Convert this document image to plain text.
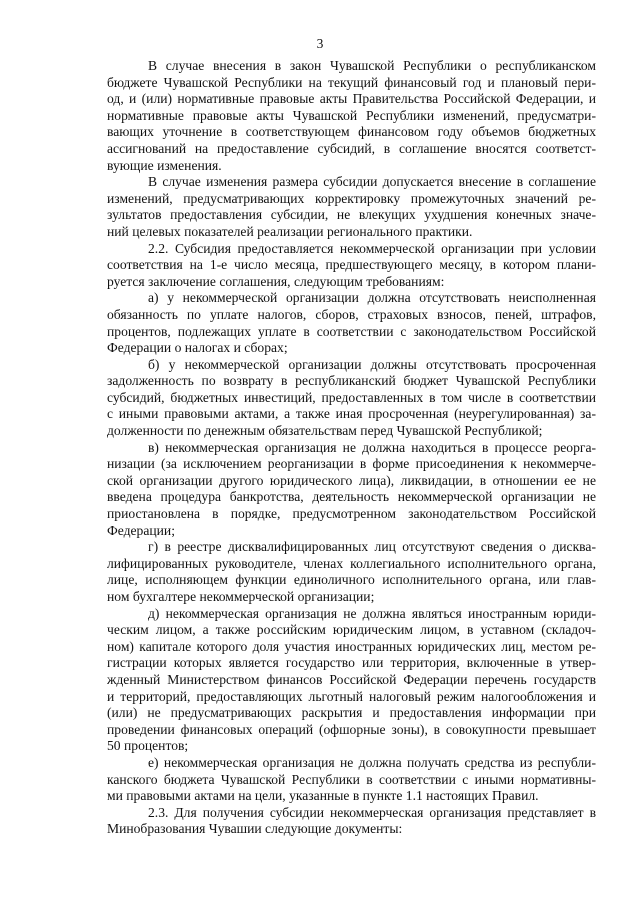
3
В случае внесения в закон Чувашской Республики о республиканском
бюджете Чувашской Республики на текущий финансовый год и плановый пери-
од, и (или) нормативные правовые акты Правительства Российской Федерации, и
нормативные правовые акты Чувашской Республики изменений, предусматри-
вающих уточнение в соответствующем финансовом году объемов бюджетных
ассигнований на предоставление субсидий, в соглашение вносятся соответст-
вующие изменения.
В случае изменения размера субсидии допускается внесение в соглашение
изменений, предусматривающих корректировку промежуточных значений ре-
зультатов предоставления субсидии, не влекущих ухудшения конечных значе-
ний целевых показателей реализации регионального практики.
2.2. Субсидия предоставляется некоммерческой организации при условии
соответствия на 1-е число месяца, предшествующего месяцу, в котором плани-
руется заключение соглашения, следующим требованиям:
а) у некоммерческой организации должна отсутствовать неисполненная
обязанность по уплате налогов, сборов, страховых взносов, пеней, штрафов,
процентов, подлежащих уплате в соответствии с законодательством Российской
Федерации о налогах и сборах;
б) у некоммерческой организации должны отсутствовать просроченная
задолженность по возврату в республиканский бюджет Чувашской Республики
субсидий, бюджетных инвестиций, предоставленных в том числе в соответствии
с иными правовыми актами, а также иная просроченная (неурегулированная) за-
долженности по денежным обязательствам перед Чувашской Республикой;
в) некоммерческая организация не должна находиться в процессе реорга-
низации (за исключением реорганизации в форме присоединения к некоммерче-
ской организации другого юридического лица), ликвидации, в отношении ее не
введена процедура банкротства, деятельность некоммерческой организации не
приостановлена в порядке, предусмотренном законодательством Российской
Федерации;
г) в реестре дисквалифицированных лиц отсутствуют сведения о дисква-
лифицированных руководителе, членах коллегиального исполнительного органа,
лице, исполняющем функции единоличного исполнительного органа, или глав-
ном бухгалтере некоммерческой организации;
д) некоммерческая организация не должна являться иностранным юриди-
ческим лицом, а также российским юридическим лицом, в уставном (складоч-
ном) капитале которого доля участия иностранных юридических лиц, местом ре-
гистрации которых является государство или территория, включенные в утвер-
жденный Министерством финансов Российской Федерации перечень государств
и территорий, предоставляющих льготный налоговый режим налогообложения и
(или) не предусматривающих раскрытия и предоставления информации при
проведении финансовых операций (офшорные зоны), в совокупности превышает
50 процентов;
е) некоммерческая организация не должна получать средства из республи-
канского бюджета Чувашской Республики в соответствии с иными нормативны-
ми правовыми актами на цели, указанные в пункте 1.1 настоящих Правил.
2.3. Для получения субсидии некоммерческая организация представляет в
Минобразования Чувашии следующие документы:
